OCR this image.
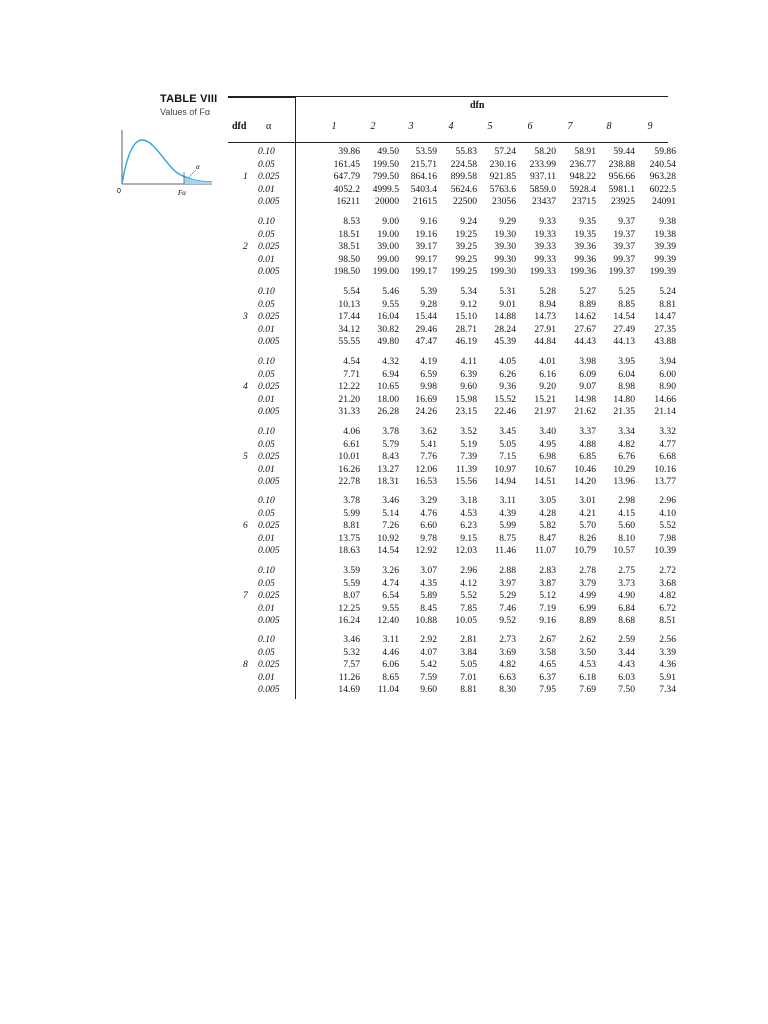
TABLE VIII
Values of Fα
α
0	Fα
dfn
dfd α	1	2	3	4	5	6	7	8	9
0.10	39.86	49.50	53.59	55.83	57.24	58.20	58.91	59.44	59.86
0.05	161.45	199.50	215.71	224.58	230.16	233.99	236.77	238.88	240.54
1 0.025	647.79	799.50	864.16	899.58	921.85	937.11	948.22	956.66	963.28
0.01	4052.2	4999.5	5403.4	5624.6	5763.6	5859.0	5928.4	5981.1	6022.5
0.005	16211	20000	21615	22500	23056	23437	23715	23925	24091
0.10	8.53	9.00	9.16	9.24	9.29	9.33	9.35	9.37	9.38
0.05	18.51	19.00	19.16	19.25	19.30	19.33	19.35	19.37	19.38
2 0.025	38.51	39.00	39.17	39.25	39.30	39.33	39.36	39.37	39.39
0.01	98.50	99.00	99.17	99.25	99.30	99.33	99.36	99.37	99.39
0.005	198.50	199.00	199.17	199.25	199.30	199.33	199.36	199.37	199.39
0.10	5.54	5.46	5.39	5.34	5.31	5.28	5.27	5.25	5.24
0.05	10.13	9.55	9.28	9.12	9.01	8.94	8.89	8.85	8.81
3 0.025	17.44	16.04	15.44	15.10	14.88	14.73	14.62	14.54	14.47
0.01	34.12	30.82	29.46	28.71	28.24	27.91	27.67	27.49	27.35
0.005	55.55	49.80	47.47	46.19	45.39	44.84	44.43	44.13	43.88
0.10	4.54	4.32	4.19	4.11	4.05	4.01	3.98	3.95	3.94
0.05	7.71	6.94	6.59	6.39	6.26	6.16	6.09	6.04	6.00
4 0.025	12.22	10.65	9.98	9.60	9.36	9.20	9.07	8.98	8.90
0.01	21.20	18.00	16.69	15.98	15.52	15.21	14.98	14.80	14.66
0.005	31.33	26.28	24.26	23.15	22.46	21.97	21.62	21.35	21.14
0.10	4.06	3.78	3.62	3.52	3.45	3.40	3.37	3.34	3.32
0.05	6.61	5.79	5.41	5.19	5.05	4.95	4.88	4.82	4.77
5 0.025	10.01	8.43	7.76	7.39	7.15	6.98	6.85	6.76	6.68
0.01	16.26	13.27	12.06	11.39	10.97	10.67	10.46	10.29	10.16
0.005	22.78	18.31	16.53	15.56	14.94	14.51	14.20	13.96	13.77
0.10	3.78	3.46	3.29	3.18	3.11	3.05	3.01	2.98	2.96
0.05	5.99	5.14	4.76	4.53	4.39	4.28	4.21	4.15	4.10
6 0.025	8.81	7.26	6.60	6.23	5.99	5.82	5.70	5.60	5.52
0.01	13.75	10.92	9.78	9.15	8.75	8.47	8.26	8.10	7.98
0.005	18.63	14.54	12.92	12.03	11.46	11.07	10.79	10.57	10.39
0.10	3.59	3.26	3.07	2.96	2.88	2.83	2.78	2.75	2.72
0.05	5.59	4.74	4.35	4.12	3.97	3.87	3.79	3.73	3.68
7 0.025	8.07	6.54	5.89	5.52	5.29	5.12	4.99	4.90	4.82
0.01	12.25	9.55	8.45	7.85	7.46	7.19	6.99	6.84	6.72
0.005	16.24	12.40	10.88	10.05	9.52	9.16	8.89	8.68	8.51
0.10	3.46	3.11	2.92	2.81	2.73	2.67	2.62	2.59	2.56
0.05	5.32	4.46	4.07	3.84	3.69	3.58	3.50	3.44	3.39
8 0.025	7.57	6.06	5.42	5.05	4.82	4.65	4.53	4.43	4.36
0.01	11.26	8.65	7.59	7.01	6.63	6.37	6.18	6.03	5.91
0.005	14.69	11.04	9.60	8.81	8.30	7.95	7.69	7.50	7.34
